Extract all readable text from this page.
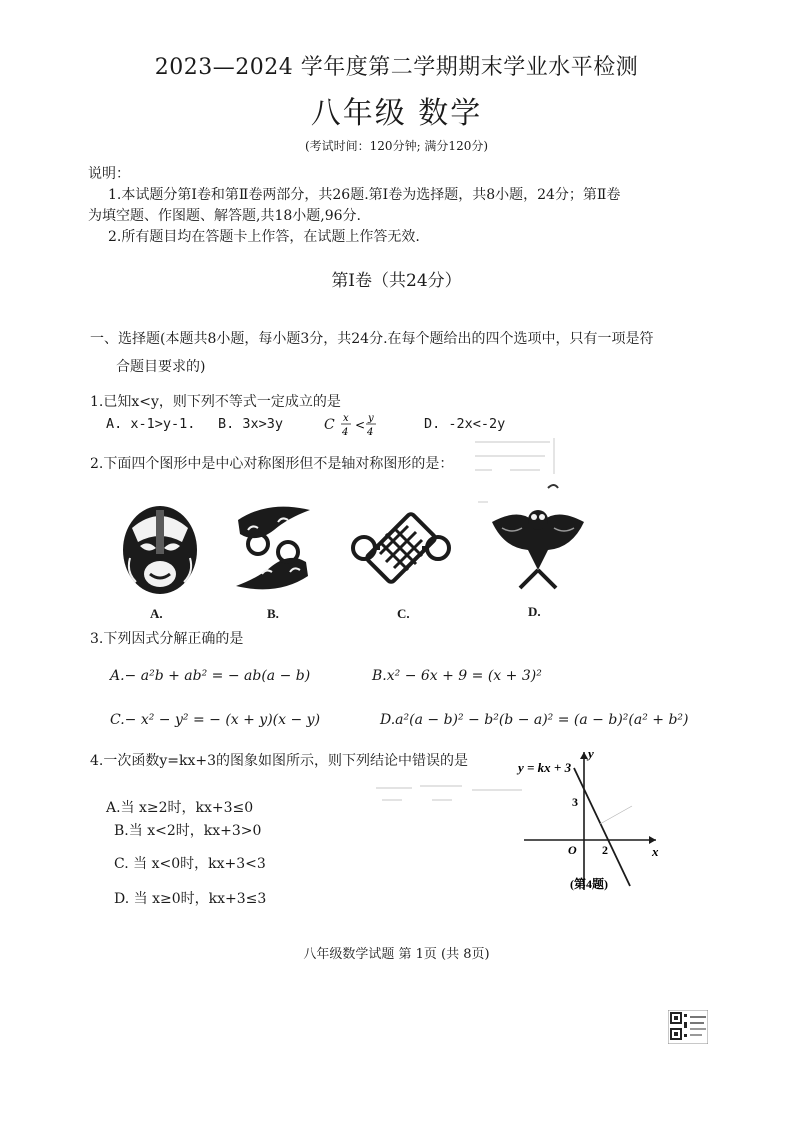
2023—2024 学年度第二学期期末学业水平检测
八年级 数学
(考试时间：120分钟; 满分120分)
说明：
1.本试题分第Ⅰ卷和第Ⅱ卷两部分，共26题.第Ⅰ卷为选择题，共8小题，24分；第Ⅱ卷
为填空题、作图题、解答题,共18小题,96分.
2.所有题目均在答题卡上作答，在试题上作答无效.
第Ⅰ卷（共24分）
一、选择题(本题共8小题，每小题3分，共24分.在每个题给出的四个选项中，只有一项是符
合题目要求的)
1.已知x<y，则下列不等式一定成立的是
A. x-1>y-1. B. 3x>3y	C x
4
< y
4
D. -2x<-2y
2.下面四个图形中是中心对称图形但不是轴对称图形的是：
A.	B.	C.	D.
3.下列因式分解正确的是
A.− a²b + ab² = − ab(a − b)	B.x² − 6x + 9 = (x + 3)²
C.− x² − y² = − (x + y)(x − y)	D.a²(a − b)² − b²(b − a)² = (a − b)²(a² + b²)
4.一次函数y=kx+3的图象如图所示，则下列结论中错误的是
A.当 x≥2时，kx+3≤0
B.当 x<2时，kx+3>0
C. 当 x<0时，kx+3<3
D. 当 x≥0时，kx+3≤3
y = kx + 3
y
x
O 2
3
(第4题)
八年级数学试题 第 1页 (共 8页)
